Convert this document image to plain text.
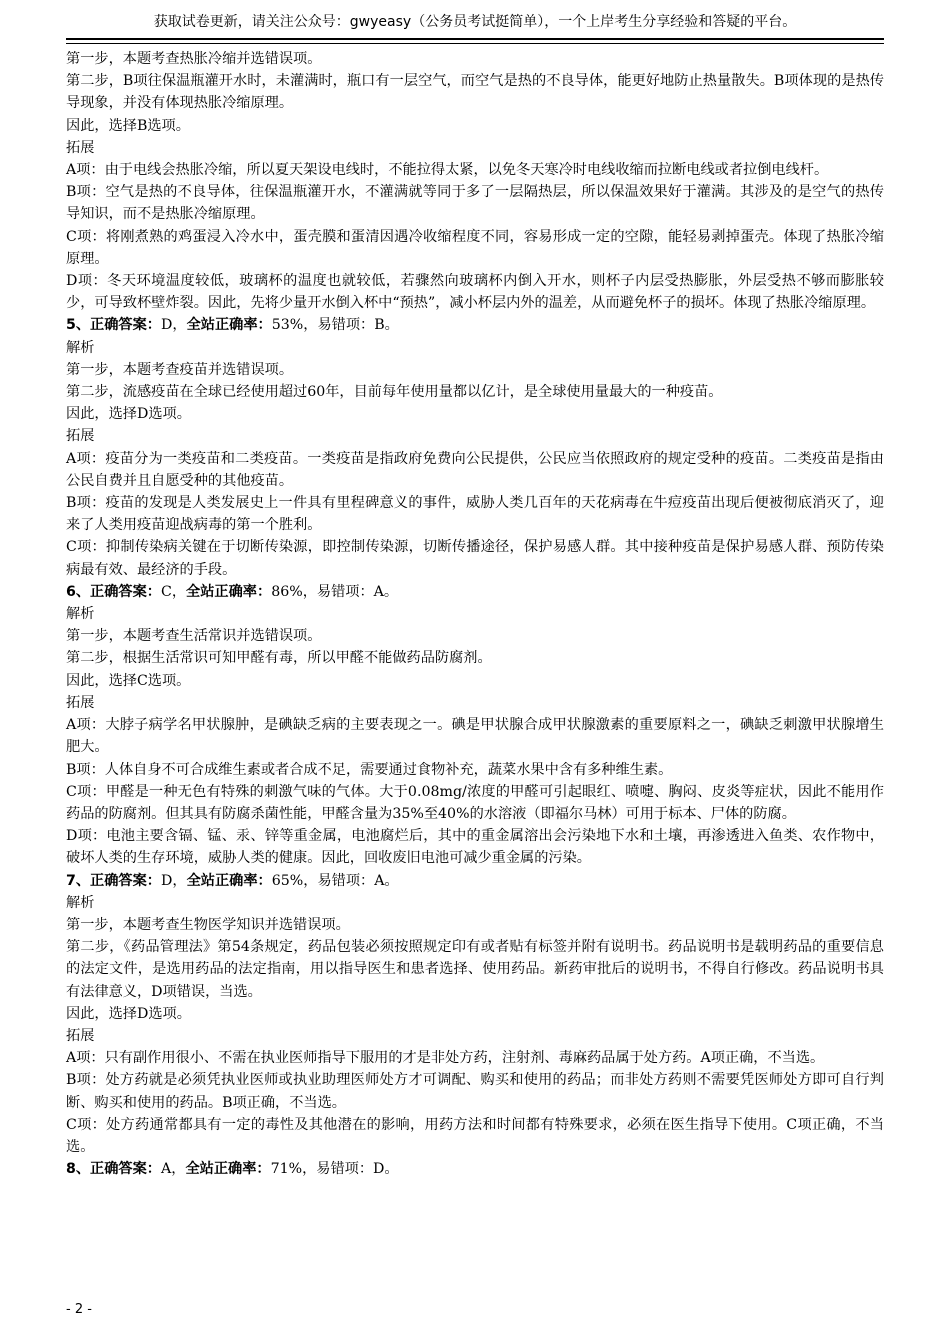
获取试卷更新，请关注公众号：gwyeasy（公务员考试挺简单），一个上岸考生分享经验和答疑的平台。

第一步，本题考查热胀冷缩并选错误项。

第二步，B项往保温瓶灌开水时，未灌满时，瓶口有一层空气，而空气是热的不良导体，能更好地防止热量散失。B项体现的是热传导现象，并没有体现热胀冷缩原理。

因此，选择B选项。

拓展

A项：由于电线会热胀冷缩，所以夏天架设电线时，不能拉得太紧，以免冬天寒冷时电线收缩而拉断电线或者拉倒电线杆。

B项：空气是热的不良导体，往保温瓶灌开水，不灌满就等同于多了一层隔热层，所以保温效果好于灌满。其涉及的是空气的热传导知识，而不是热胀冷缩原理。

C项：将刚煮熟的鸡蛋浸入冷水中，蛋壳膜和蛋清因遇冷收缩程度不同，容易形成一定的空隙，能轻易剥掉蛋壳。体现了热胀冷缩原理。

D项：冬天环境温度较低，玻璃杯的温度也就较低，若骤然向玻璃杯内倒入开水，则杯子内层受热膨胀，外层受热不够而膨胀较少，可导致杯壁炸裂。因此，先将少量开水倒入杯中“预热”，减小杯层内外的温差，从而避免杯子的损坏。体现了热胀冷缩原理。

5、正确答案：D，全站正确率：53%，易错项：B。

解析

第一步，本题考查疫苗并选错误项。

第二步，流感疫苗在全球已经使用超过60年，目前每年使用量都以亿计，是全球使用量最大的一种疫苗。

因此，选择D选项。

拓展

A项：疫苗分为一类疫苗和二类疫苗。一类疫苗是指政府免费向公民提供，公民应当依照政府的规定受种的疫苗。二类疫苗是指由公民自费并且自愿受种的其他疫苗。

B项：疫苗的发现是人类发展史上一件具有里程碑意义的事件，威胁人类几百年的天花病毒在牛痘疫苗出现后便被彻底消灭了，迎来了人类用疫苗迎战病毒的第一个胜利。

C项：抑制传染病关键在于切断传染源，即控制传染源，切断传播途径，保护易感人群。其中接种疫苗是保护易感人群、预防传染病最有效、最经济的手段。

6、正确答案：C，全站正确率：86%，易错项：A。

解析

第一步，本题考查生活常识并选错误项。

第二步，根据生活常识可知甲醛有毒，所以甲醛不能做药品防腐剂。

因此，选择C选项。

拓展

A项：大脖子病学名甲状腺肿，是碘缺乏病的主要表现之一。碘是甲状腺合成甲状腺激素的重要原料之一，碘缺乏刺激甲状腺增生肥大。

B项：人体自身不可合成维生素或者合成不足，需要通过食物补充，蔬菜水果中含有多种维生素。

C项：甲醛是一种无色有特殊的刺激气味的气体。大于0.08mg/浓度的甲醛可引起眼红、喷嚏、胸闷、皮炎等症状，因此不能用作药品的防腐剂。但其具有防腐杀菌性能，甲醛含量为35%至40%的水溶液（即福尔马林）可用于标本、尸体的防腐。

D项：电池主要含镉、锰、汞、锌等重金属，电池腐烂后，其中的重金属溶出会污染地下水和土壤，再渗透进入鱼类、农作物中，破坏人类的生存环境，威胁人类的健康。因此，回收废旧电池可减少重金属的污染。

7、正确答案：D，全站正确率：65%，易错项：A。

解析

第一步，本题考查生物医学知识并选错误项。

第二步，《药品管理法》第54条规定，药品包装必须按照规定印有或者贴有标签并附有说明书。药品说明书是载明药品的重要信息的法定文件，是选用药品的法定指南，用以指导医生和患者选择、使用药品。新药审批后的说明书，不得自行修改。药品说明书具有法律意义，D项错误，当选。

因此，选择D选项。

拓展

A项：只有副作用很小、不需在执业医师指导下服用的才是非处方药，注射剂、毒麻药品属于处方药。A项正确，不当选。

B项：处方药就是必须凭执业医师或执业助理医师处方才可调配、购买和使用的药品；而非处方药则不需要凭医师处方即可自行判断、购买和使用的药品。B项正确，不当选。

C项：处方药通常都具有一定的毒性及其他潜在的影响，用药方法和时间都有特殊要求，必须在医生指导下使用。C项正确，不当选。

8、正确答案：A，全站正确率：71%，易错项：D。

- 2 -
